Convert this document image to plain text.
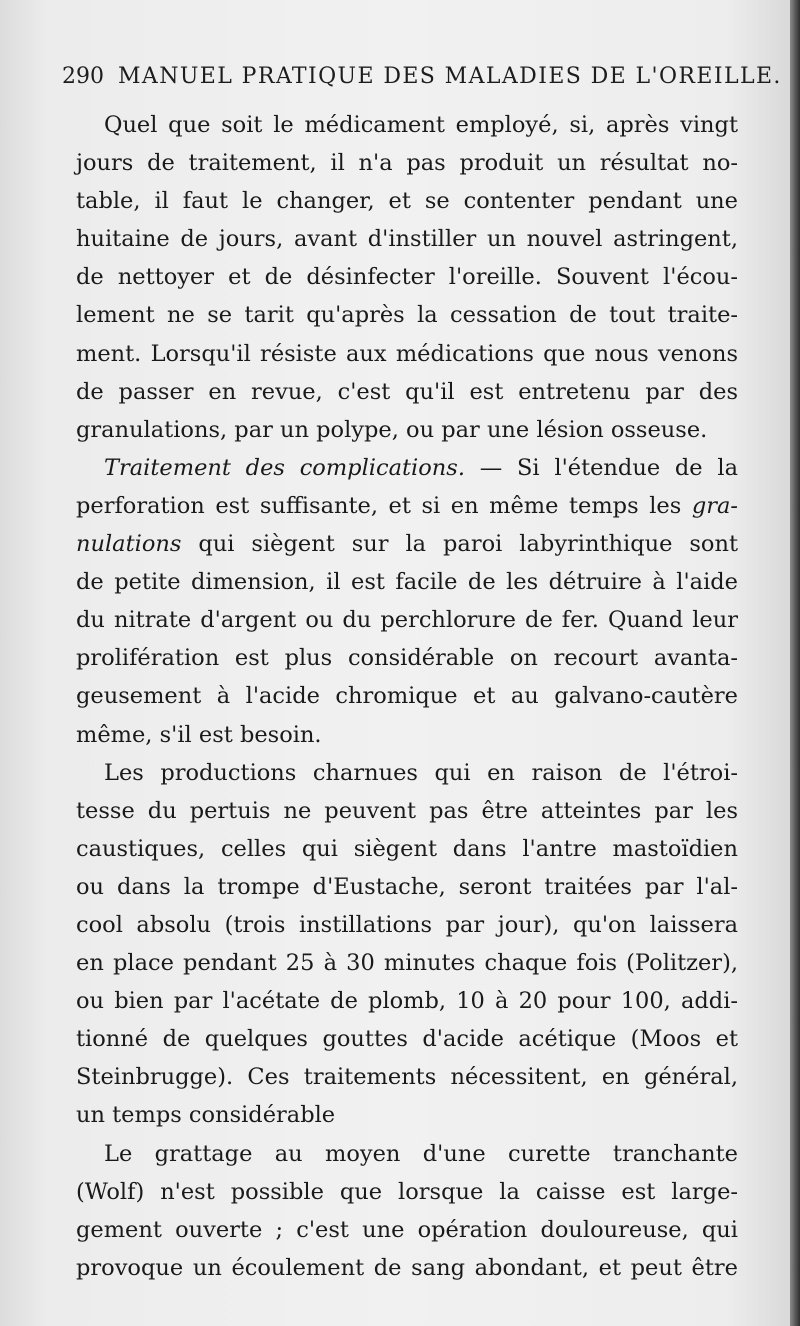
290 MANUEL PRATIQUE DES MALADIES DE L'OREILLE.

Quel que soit le médicament employé, si, après vingt
jours de traitement, il n'a pas produit un résultat no-
table, il faut le changer, et se contenter pendant une
huitaine de jours, avant d'instiller un nouvel astringent,
de nettoyer et de désinfecter l'oreille. Souvent l'écou-
lement ne se tarit qu'après la cessation de tout traite-
ment. Lorsqu'il résiste aux médications que nous venons
de passer en revue, c'est qu'il est entretenu par des
granulations, par un polype, ou par une lésion osseuse.

Traitement des complications. — Si l'étendue de la
perforation est suffisante, et si en même temps les gra-
nulations qui siègent sur la paroi labyrinthique sont
de petite dimension, il est facile de les détruire à l'aide
du nitrate d'argent ou du perchlorure de fer. Quand leur
prolifération est plus considérable on recourt avanta-
geusement à l'acide chromique et au galvano-cautère
même, s'il est besoin.

Les productions charnues qui en raison de l'étroi-
tesse du pertuis ne peuvent pas être atteintes par les
caustiques, celles qui siègent dans l'antre mastoïdien
ou dans la trompe d'Eustache, seront traitées par l'al-
cool absolu (trois instillations par jour), qu'on laissera
en place pendant 25 à 30 minutes chaque fois (Politzer),
ou bien par l'acétate de plomb, 10 à 20 pour 100, addi-
tionné de quelques gouttes d'acide acétique (Moos et
Steinbrugge). Ces traitements nécessitent, en général,
un temps considérable

Le grattage au moyen d'une curette tranchante
(Wolf) n'est possible que lorsque la caisse est large-
gement ouverte ; c'est une opération douloureuse, qui
provoque un écoulement de sang abondant, et peut être
